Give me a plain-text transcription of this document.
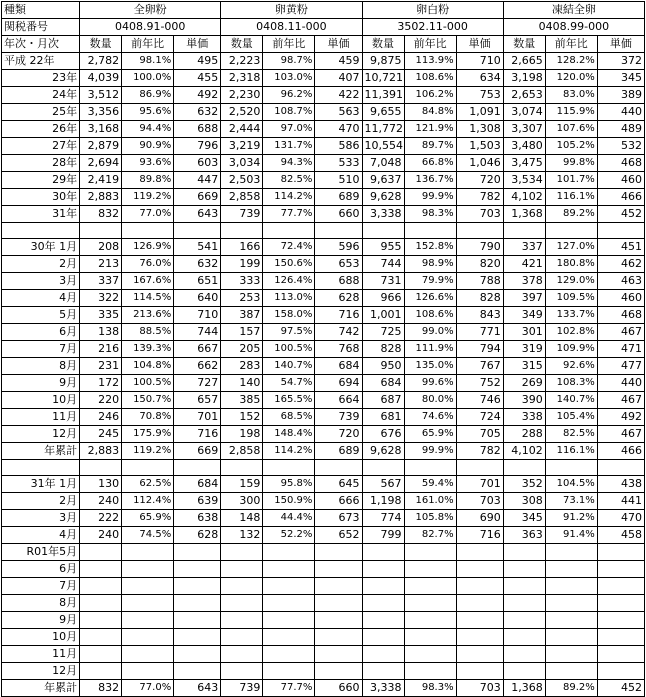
種類	全卵粉			卵黄粉			卵白粉			凍結全卵		
関税番号	0408.91-000			0408.11-000			3502.11-000			0408.99-000		
年次・月次	数量	前年比	単価	数量	前年比	単価	数量	前年比	単価	数量	前年比	単価
平成 22年	2,782	98.1%	495	2,223	98.7%	459	9,875	113.9%	710	2,665	128.2%	372
23年	4,039	100.0%	455	2,318	103.0%	407	10,721	108.6%	634	3,198	120.0%	345
24年	3,512	86.9%	492	2,230	96.2%	422	11,391	106.2%	753	2,653	83.0%	389
25年	3,356	95.6%	632	2,520	108.7%	563	9,655	84.8%	1,091	3,074	115.9%	440
26年	3,168	94.4%	688	2,444	97.0%	470	11,772	121.9%	1,308	3,307	107.6%	489
27年	2,879	90.9%	796	3,219	131.7%	586	10,554	89.7%	1,503	3,480	105.2%	532
28年	2,694	93.6%	603	3,034	94.3%	533	7,048	66.8%	1,046	3,475	99.8%	468
29年	2,419	89.8%	447	2,503	82.5%	510	9,637	136.7%	720	3,534	101.7%	460
30年	2,883	119.2%	669	2,858	114.2%	689	9,628	99.9%	782	4,102	116.1%	466
31年	832	77.0%	643	739	77.7%	660	3,338	98.3%	703	1,368	89.2%	452

30年 1月	208	126.9%	541	166	72.4%	596	955	152.8%	790	337	127.0%	451
2月	213	76.0%	632	199	150.6%	653	744	98.9%	820	421	180.8%	462
3月	337	167.6%	651	333	126.4%	688	731	79.9%	788	378	129.0%	463
4月	322	114.5%	640	253	113.0%	628	966	126.6%	828	397	109.5%	460
5月	335	213.6%	710	387	158.0%	716	1,001	108.6%	843	349	133.7%	468
6月	138	88.5%	744	157	97.5%	742	725	99.0%	771	301	102.8%	467
7月	216	139.3%	667	205	100.5%	768	828	111.9%	794	319	109.9%	471
8月	231	104.8%	662	283	140.7%	684	950	135.0%	767	315	92.6%	477
9月	172	100.5%	727	140	54.7%	694	684	99.6%	752	269	108.3%	440
10月	220	150.7%	657	385	165.5%	664	687	80.0%	746	390	140.7%	467
11月	246	70.8%	701	152	68.5%	739	681	74.6%	724	338	105.4%	492
12月	245	175.9%	716	198	148.4%	720	676	65.9%	705	288	82.5%	467
年累計	2,883	119.2%	669	2,858	114.2%	689	9,628	99.9%	782	4,102	116.1%	466

31年 1月	130	62.5%	684	159	95.8%	645	567	59.4%	701	352	104.5%	438
2月	240	112.4%	639	300	150.9%	666	1,198	161.0%	703	308	73.1%	441
3月	222	65.9%	638	148	44.4%	673	774	105.8%	690	345	91.2%	470
4月	240	74.5%	628	132	52.2%	652	799	82.7%	716	363	91.4%	458
R01年5月												
6月												
7月												
8月												
9月												
10月												
11月												
12月												
年累計	832	77.0%	643	739	77.7%	660	3,338	98.3%	703	1,368	89.2%	452
